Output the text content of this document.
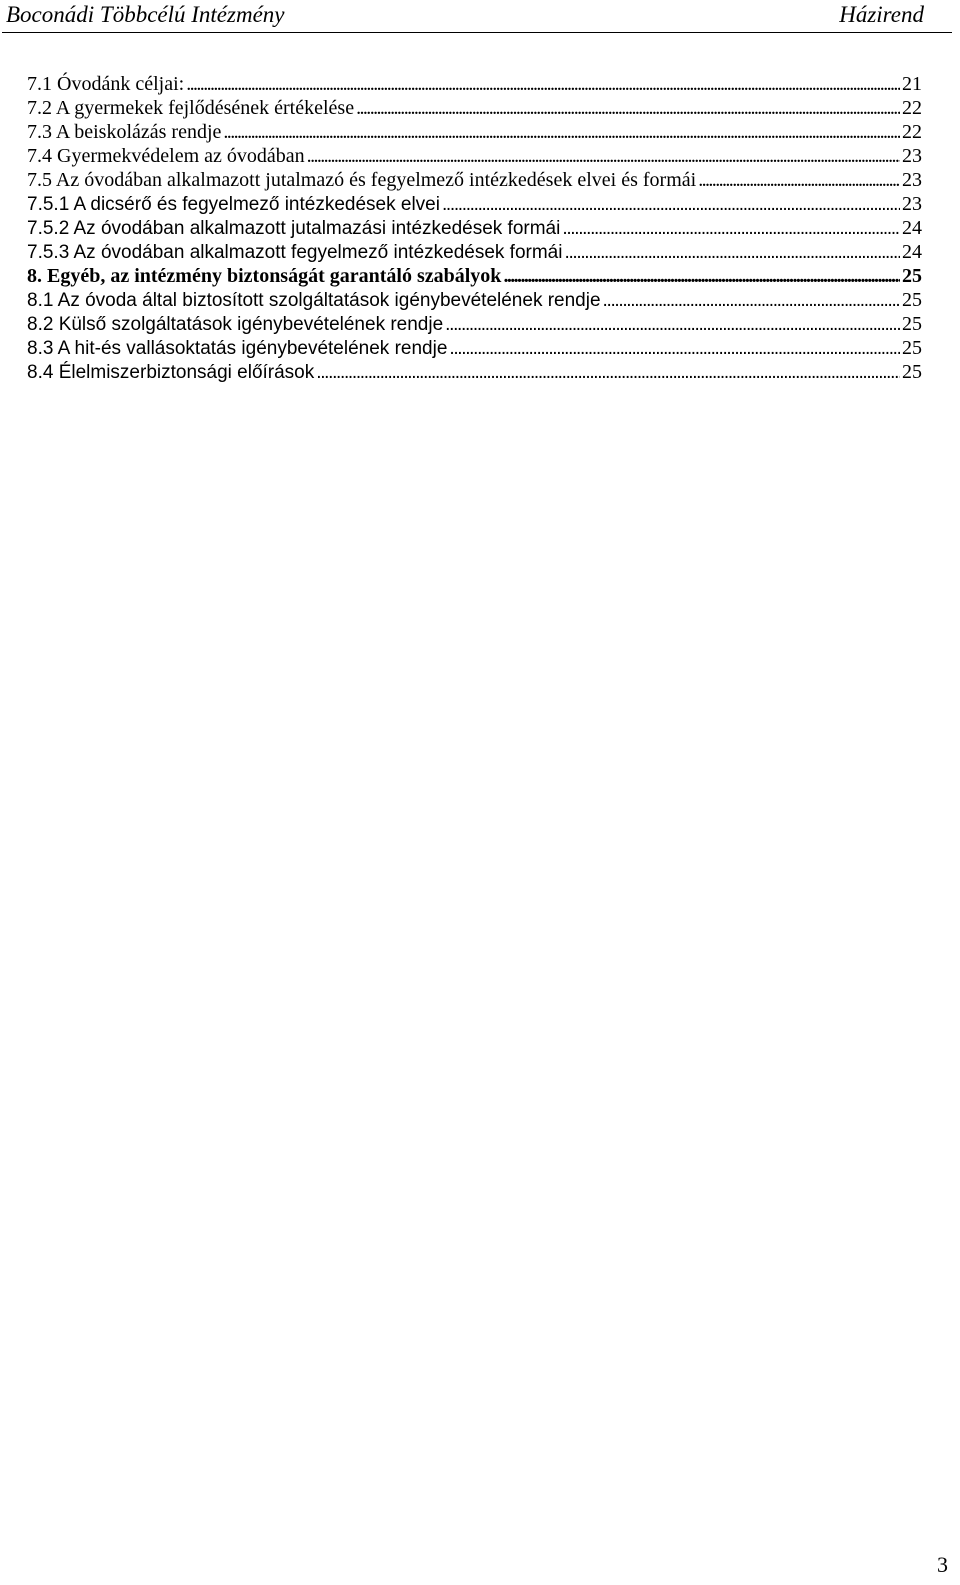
Boconádi Többcélú Intézmény	Házirend
7.1 Óvodánk céljai: . . .	21
7.2 A gyermekek fejlődésének értékelése . . .	22
7.3 A beiskolázás rendje . . .	22
7.4 Gyermekvédelem az óvodában . . .	23
7.5 Az óvodában alkalmazott jutalmazó és fegyelmező intézkedések elvei és formái . . .	23
7.5.1 A dicsérő és fegyelmező intézkedések elvei . . .	23
7.5.2 Az óvodában alkalmazott jutalmazási intézkedések formái . . .	24
7.5.3 Az óvodában alkalmazott fegyelmező intézkedések formái . . .	24
8. Egyéb, az intézmény biztonságát garantáló szabályok . . .	25
8.1 Az óvoda által biztosított szolgáltatások igénybevételének rendje . . .	25
8.2 Külső szolgáltatások igénybevételének rendje . . .	25
8.3 A hit-és vallásoktatás igénybevételének rendje . . .	25
8.4 Élelmiszerbiztonsági előírások . . .	25
3
